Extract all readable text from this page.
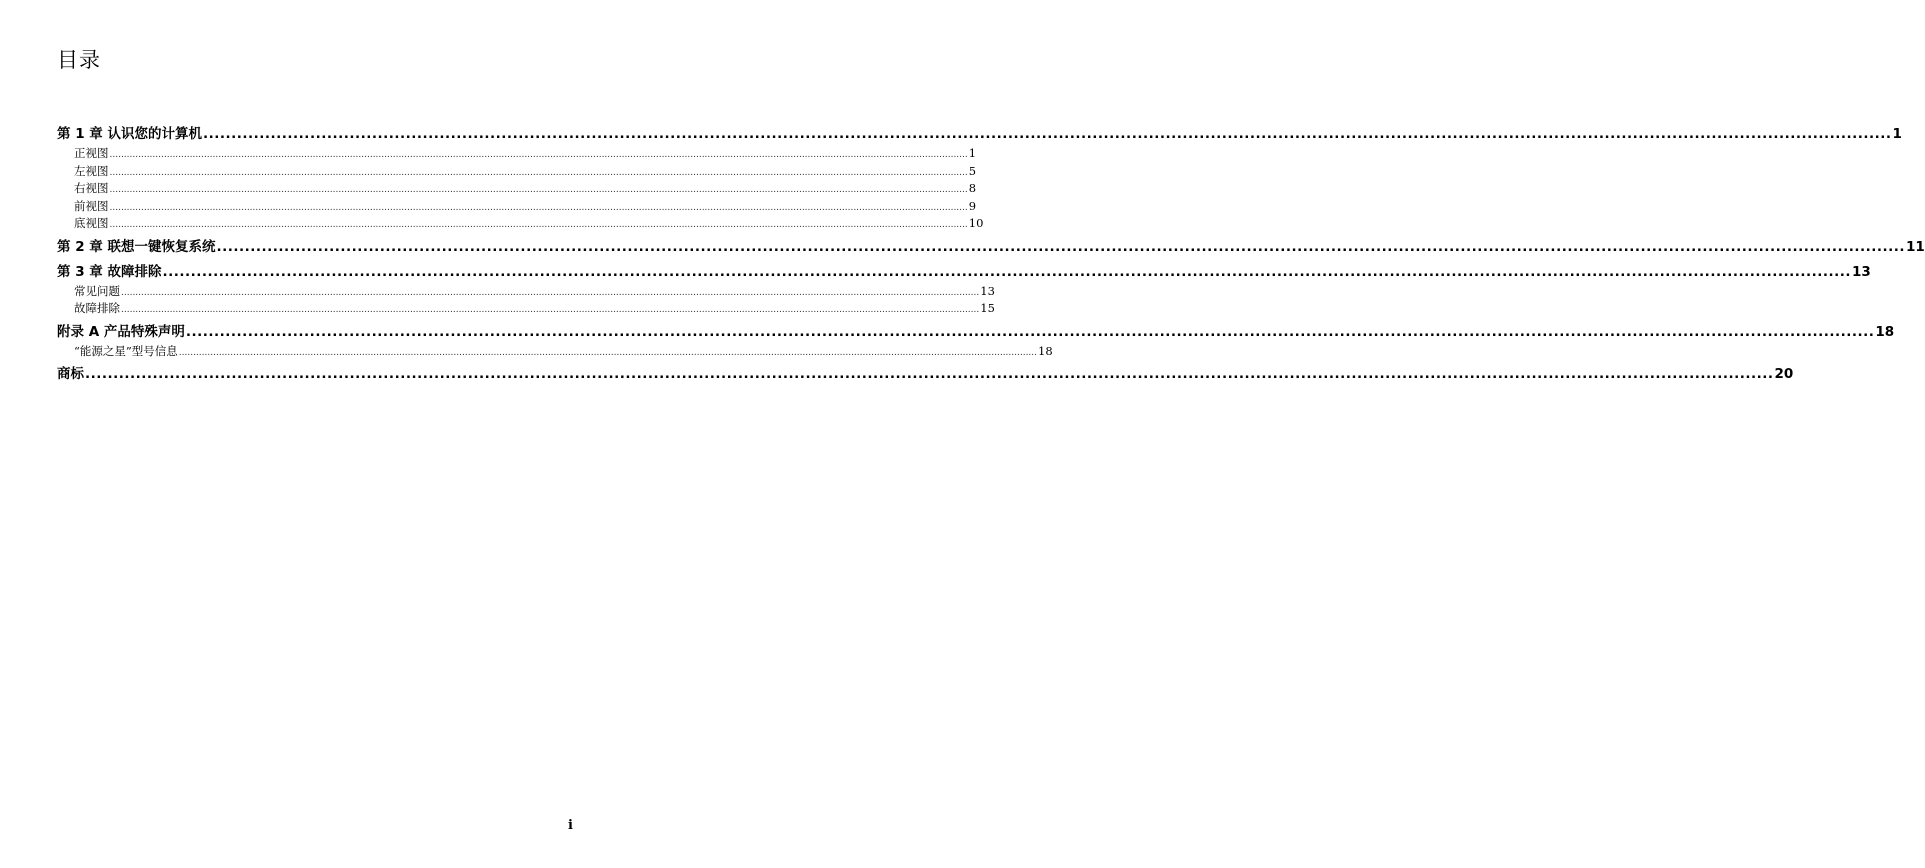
目录
第 1 章 认识您的计算机 ............................................................................................................................................................................................................................................................................................................ 1
正视图 ............................................................................................................................................................................................................................................................................................................ 1
左视图 ............................................................................................................................................................................................................................................................................................................ 5
右视图 ............................................................................................................................................................................................................................................................................................................ 8
前视图 ............................................................................................................................................................................................................................................................................................................ 9
底视图 ............................................................................................................................................................................................................................................................................................................ 10
第 2 章 联想一键恢复系统 ............................................................................................................................................................................................................................................................................................................ 11
第 3 章 故障排除 ............................................................................................................................................................................................................................................................................................................ 13
常见问题 ............................................................................................................................................................................................................................................................................................................ 13
故障排除 ............................................................................................................................................................................................................................................................................................................ 15
附录 A 产品特殊声明 ............................................................................................................................................................................................................................................................................................................ 18
“能源之星”型号信息 ............................................................................................................................................................................................................................................................................................................ 18
商标 ............................................................................................................................................................................................................................................................................................................ 20
i
